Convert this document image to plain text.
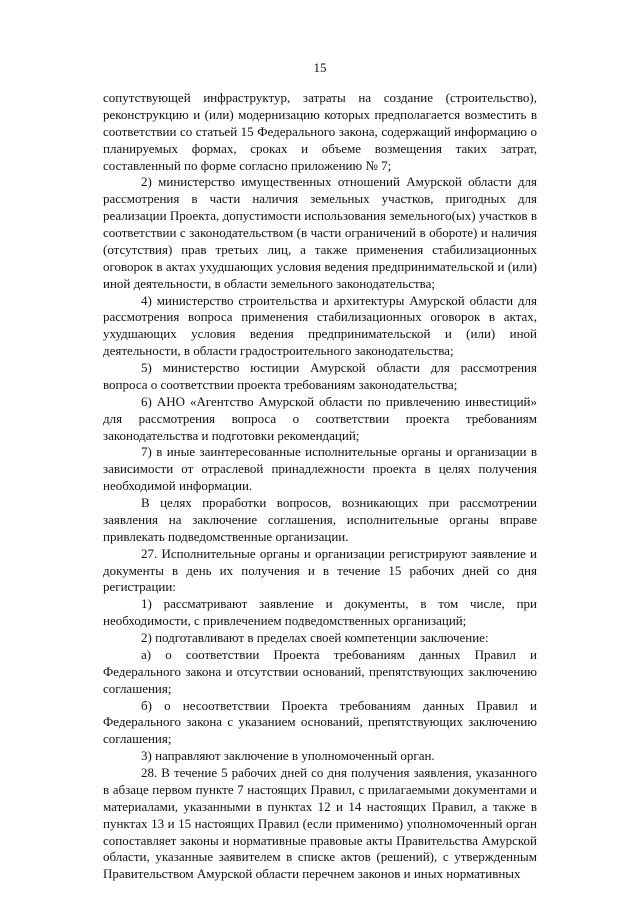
15

сопутствующей инфраструктур, затраты на создание (строительство), реконструкцию и (или) модернизацию которых предполагается возместить в соответствии со статьей 15 Федерального закона, содержащий информацию о планируемых формах, сроках и объеме возмещения таких затрат, составленный по форме согласно приложению № 7;

2) министерство имущественных отношений Амурской области для рассмотрения в части наличия земельных участков, пригодных для реализации Проекта, допустимости использования земельного(ых) участков в соответствии с законодательством (в части ограничений в обороте) и наличия (отсутствия) прав третьих лиц, а также применения стабилизационных оговорок в актах ухудшающих условия ведения предпринимательской и (или) иной деятельности, в области земельного законодательства;

4) министерство строительства и архитектуры Амурской области для рассмотрения вопроса применения стабилизационных оговорок в актах, ухудшающих условия ведения предпринимательской и (или) иной деятельности, в области градостроительного законодательства;

5) министерство юстиции Амурской области для рассмотрения вопроса о соответствии проекта требованиям законодательства;

6) АНО «Агентство Амурской области по привлечению инвестиций» для рассмотрения вопроса о соответствии проекта требованиям законодательства и подготовки рекомендаций;

7) в иные заинтересованные исполнительные органы и организации в зависимости от отраслевой принадлежности проекта в целях получения необходимой информации.

В целях проработки вопросов, возникающих при рассмотрении заявления на заключение соглашения, исполнительные органы вправе привлекать подведомственные организации.

27. Исполнительные органы и организации регистрируют заявление и документы в день их получения и в течение 15 рабочих дней со дня регистрации:

1) рассматривают заявление и документы, в том числе, при необходимости, с привлечением подведомственных организаций;

2) подготавливают в пределах своей компетенции заключение:

а) о соответствии Проекта требованиям данных Правил и Федерального закона и отсутствии оснований, препятствующих заключению соглашения;

б) о несоответствии Проекта требованиям данных Правил и Федерального закона с указанием оснований, препятствующих заключению соглашения;

3) направляют заключение в уполномоченный орган.

28. В течение 5 рабочих дней со дня получения заявления, указанного в абзаце первом пункте 7 настоящих Правил, с прилагаемыми документами и материалами, указанными в пунктах 12 и 14 настоящих Правил, а также в пунктах 13 и 15 настоящих Правил (если применимо) уполномоченный орган сопоставляет законы и нормативные правовые акты Правительства Амурской области, указанные заявителем в списке актов (решений), с утвержденным Правительством Амурской области перечнем законов и иных нормативных
